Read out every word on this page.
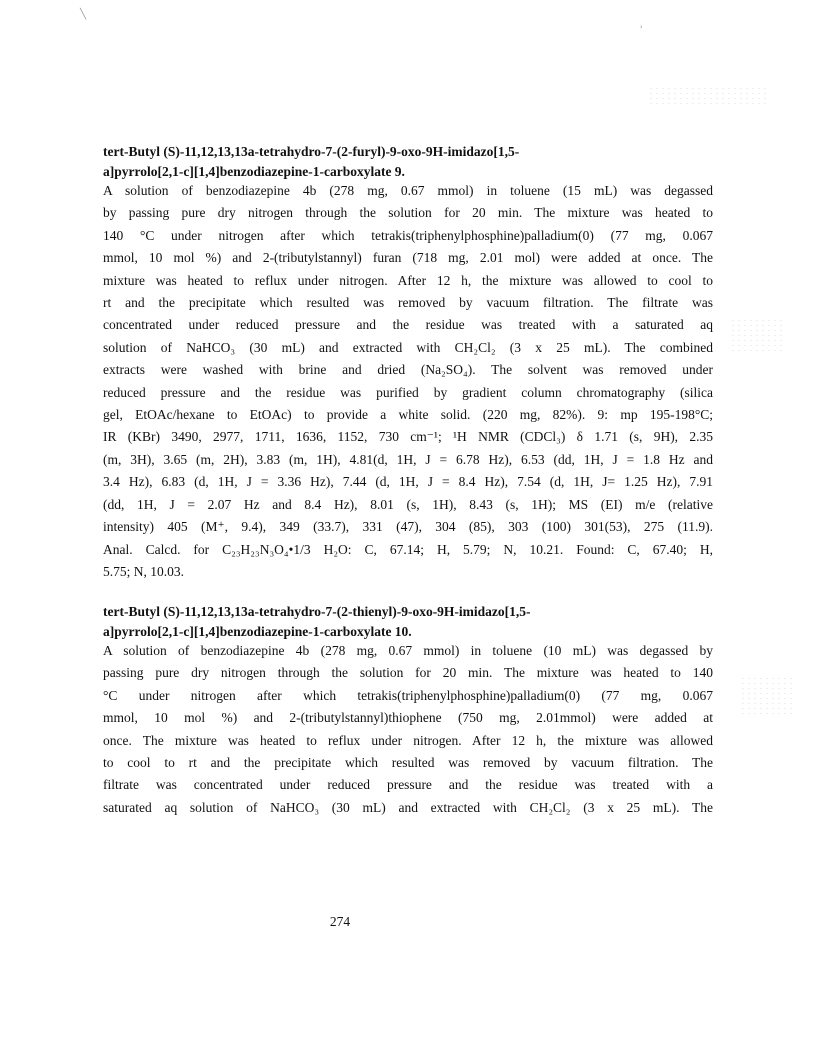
╲
ʾ
tert-Butyl (S)-11,12,13,13a-tetrahydro-7-(2-furyl)-9-oxo-9H-imidazo[1,5-
a]pyrrolo[2,1-c][1,4]benzodiazepine-1-carboxylate 9.
A solution of benzodiazepine 4b (278 mg, 0.67 mmol) in toluene (15 mL) was degassed
by passing pure dry nitrogen through the solution for 20 min. The mixture was heated to
140 °C under nitrogen after which tetrakis(triphenylphosphine)palladium(0) (77 mg, 0.067
mmol, 10 mol %) and 2-(tributylstannyl) furan (718 mg, 2.01 mol) were added at once. The
mixture was heated to reflux under nitrogen. After 12 h, the mixture was allowed to cool to
rt and the precipitate which resulted was removed by vacuum filtration. The filtrate was
concentrated under reduced pressure and the residue was treated with a saturated aq
solution of NaHCO₃ (30 mL) and extracted with CH₂Cl₂ (3 x 25 mL). The combined
extracts were washed with brine and dried (Na₂SO₄). The solvent was removed under
reduced pressure and the residue was purified by gradient column chromatography (silica
gel, EtOAc/hexane to EtOAc) to provide a white solid. (220 mg, 82%). 9: mp 195-198°C;
IR (KBr) 3490, 2977, 1711, 1636, 1152, 730 cm⁻¹; ¹H NMR (CDCl₃) δ 1.71 (s, 9H), 2.35
(m, 3H), 3.65 (m, 2H), 3.83 (m, 1H), 4.81(d, 1H, J = 6.78 Hz), 6.53 (dd, 1H, J = 1.8 Hz and
3.4 Hz), 6.83 (d, 1H, J = 3.36 Hz), 7.44 (d, 1H, J = 8.4 Hz), 7.54 (d, 1H, J= 1.25 Hz), 7.91
(dd, 1H, J = 2.07 Hz and 8.4 Hz), 8.01 (s, 1H), 8.43 (s, 1H); MS (EI) m/e (relative
intensity) 405 (M⁺, 9.4), 349 (33.7), 331 (47), 304 (85), 303 (100) 301(53), 275 (11.9).
Anal. Calcd. for C₂₃H₂₃N₃O₄•1/3 H₂O: C, 67.14; H, 5.79; N, 10.21. Found: C, 67.40; H,
5.75; N, 10.03.
tert-Butyl (S)-11,12,13,13a-tetrahydro-7-(2-thienyl)-9-oxo-9H-imidazo[1,5-
a]pyrrolo[2,1-c][1,4]benzodiazepine-1-carboxylate 10.
A solution of benzodiazepine 4b (278 mg, 0.67 mmol) in toluene (10 mL) was degassed by
passing pure dry nitrogen through the solution for 20 min. The mixture was heated to 140
°C under nitrogen after which tetrakis(triphenylphosphine)palladium(0) (77 mg, 0.067
mmol, 10 mol %) and 2-(tributylstannyl)thiophene (750 mg, 2.01mmol) were added at
once. The mixture was heated to reflux under nitrogen. After 12 h, the mixture was allowed
to cool to rt and the precipitate which resulted was removed by vacuum filtration. The
filtrate was concentrated under reduced pressure and the residue was treated with a
saturated aq solution of NaHCO₃ (30 mL) and extracted with CH₂Cl₂ (3 x 25 mL). The
274
